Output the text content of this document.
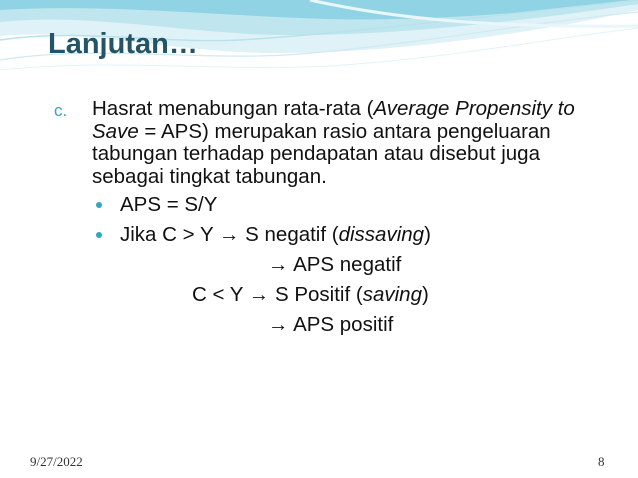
Lanjutan…
c.	Hasrat menabungan rata-rata (Average Propensity to Save = APS) merupakan rasio antara pengeluaran tabungan terhadap pendapatan atau disebut juga sebagai tingkat tabungan.
APS = S/Y
Jika C > Y → S negatif (dissaving)
→ APS negatif
C < Y → S Positif (saving)
→ APS positif
9/27/2022	8
